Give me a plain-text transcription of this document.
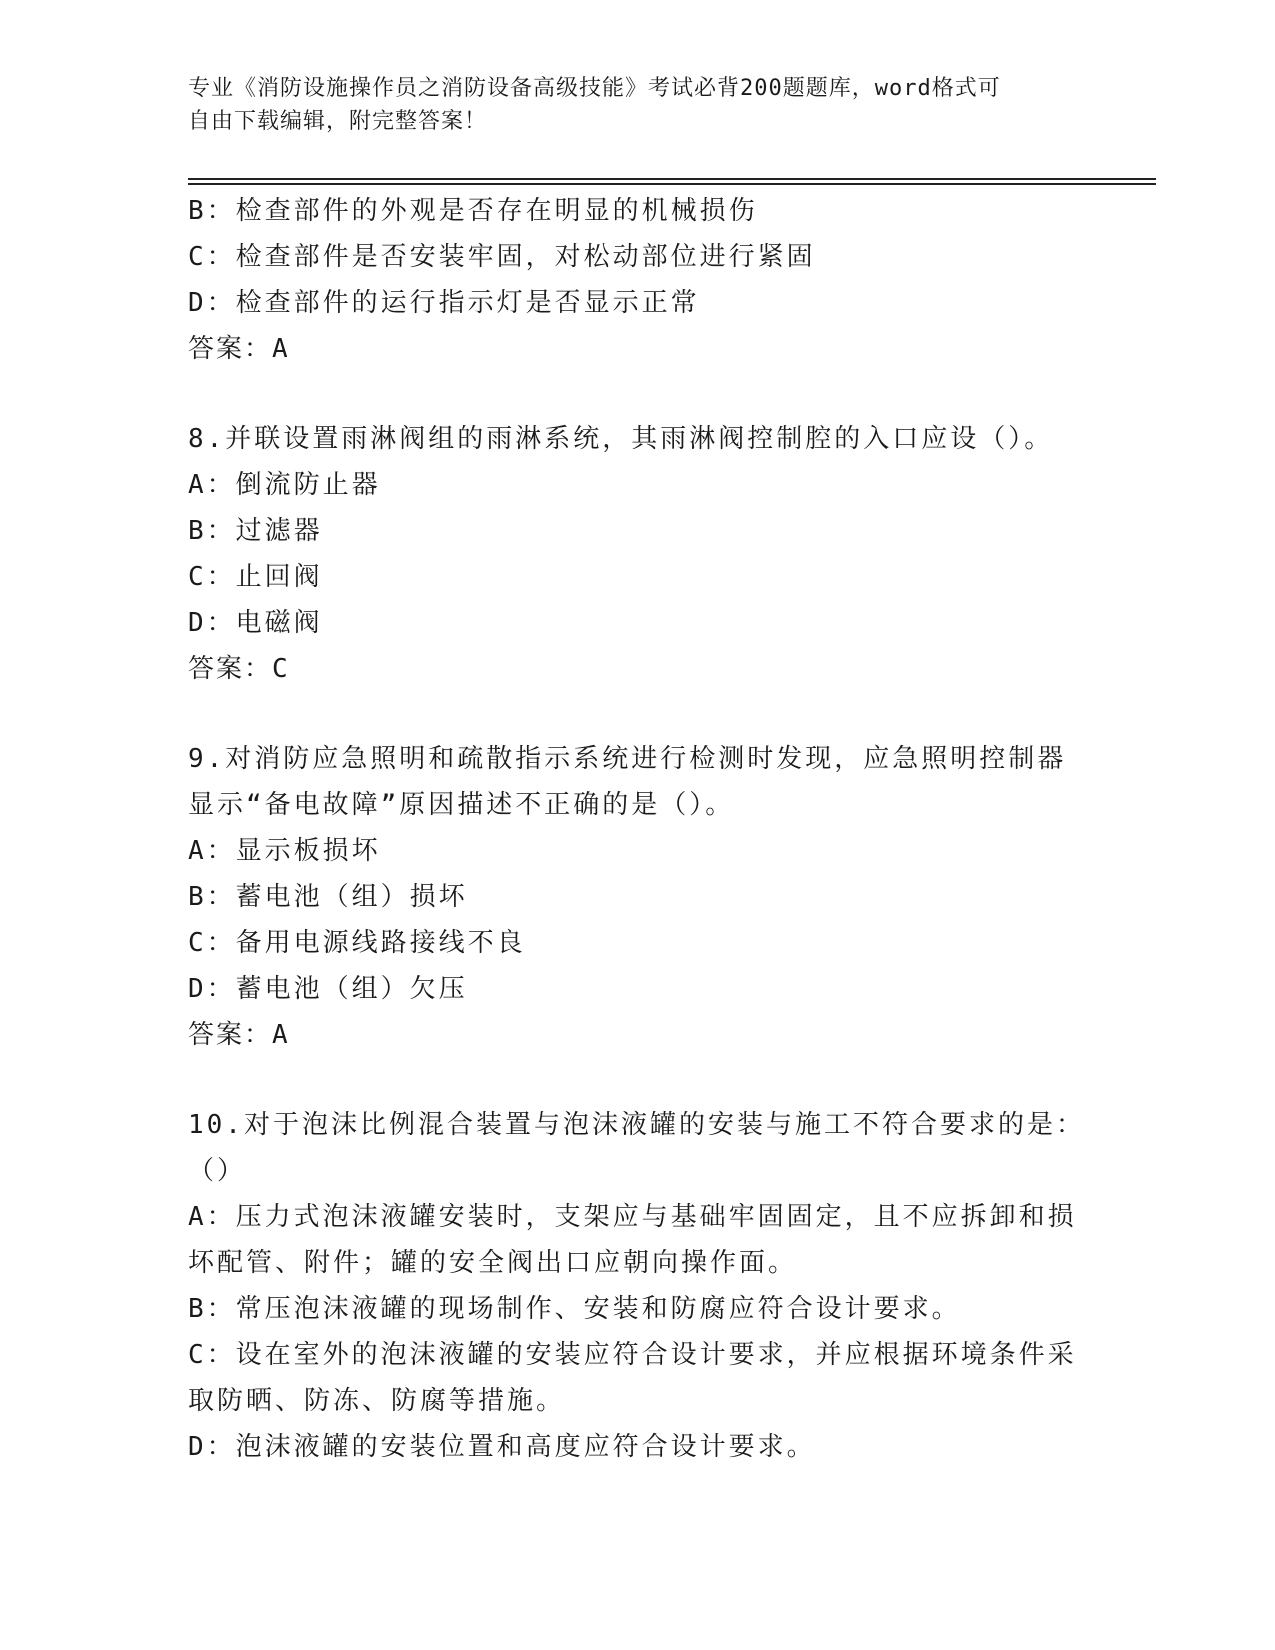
专业《消防设施操作员之消防设备高级技能》考试必背200题题库，word格式可
自由下载编辑，附完整答案！
B：检查部件的外观是否存在明显的机械损伤
C：检查部件是否安装牢固，对松动部位进行紧固
D：检查部件的运行指示灯是否显示正常
答案：A
8.并联设置雨淋阀组的雨淋系统，其雨淋阀控制腔的入口应设（）。
A：倒流防止器
B：过滤器
C：止回阀
D：电磁阀
答案：C
9.对消防应急照明和疏散指示系统进行检测时发现，应急照明控制器
显示“备电故障”原因描述不正确的是（）。
A：显示板损坏
B：蓄电池（组）损坏
C：备用电源线路接线不良
D：蓄电池（组）欠压
答案：A
10.对于泡沫比例混合装置与泡沫液罐的安装与施工不符合要求的是：
（）
A：压力式泡沫液罐安装时，支架应与基础牢固固定，且不应拆卸和损
坏配管、附件；罐的安全阀出口应朝向操作面。
B：常压泡沫液罐的现场制作、安装和防腐应符合设计要求。
C：设在室外的泡沫液罐的安装应符合设计要求，并应根据环境条件采
取防晒、防冻、防腐等措施。
D：泡沫液罐的安装位置和高度应符合设计要求。
